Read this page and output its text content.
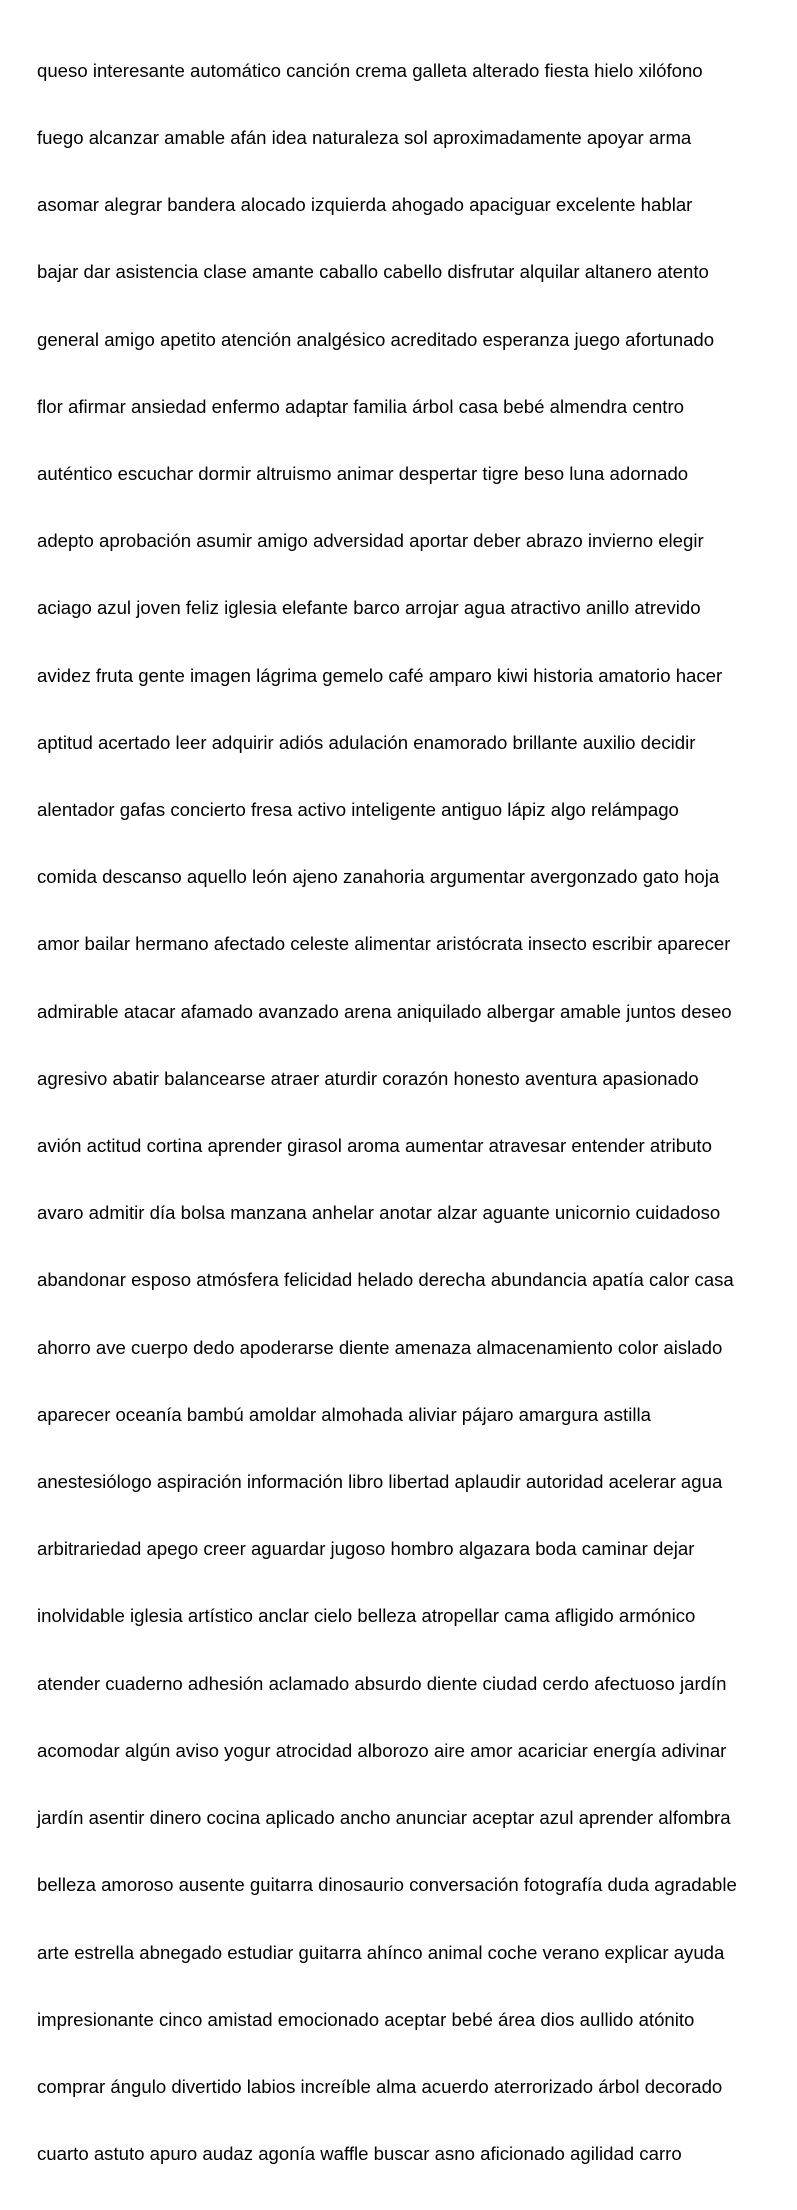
queso interesante automático canción crema galleta alterado fiesta hielo xilófono

fuego alcanzar amable afán idea naturaleza sol aproximadamente apoyar arma

asomar alegrar bandera alocado izquierda ahogado apaciguar excelente hablar

bajar dar asistencia clase amante caballo cabello disfrutar alquilar altanero atento

general amigo apetito atención analgésico acreditado esperanza juego afortunado

flor afirmar ansiedad enfermo adaptar familia árbol casa bebé almendra centro

auténtico escuchar dormir altruismo animar despertar tigre beso luna adornado

adepto aprobación asumir amigo adversidad aportar deber abrazo invierno elegir

aciago azul joven feliz iglesia elefante barco arrojar agua atractivo anillo atrevido

avidez fruta gente imagen lágrima gemelo café amparo kiwi historia amatorio hacer

aptitud acertado leer adquirir adiós adulación enamorado brillante auxilio decidir

alentador gafas concierto fresa activo inteligente antiguo lápiz algo relámpago

comida descanso aquello león ajeno zanahoria argumentar avergonzado gato hoja

amor bailar hermano afectado celeste alimentar aristócrata insecto escribir aparecer

admirable atacar afamado avanzado arena aniquilado albergar amable juntos deseo

agresivo abatir balancearse atraer aturdir corazón honesto aventura apasionado

avión actitud cortina aprender girasol aroma aumentar atravesar entender atributo

avaro admitir día bolsa manzana anhelar anotar alzar aguante unicornio cuidadoso

abandonar esposo atmósfera felicidad helado derecha abundancia apatía calor casa

ahorro ave cuerpo dedo apoderarse diente amenaza almacenamiento color aislado

aparecer oceanía bambú amoldar almohada aliviar pájaro amargura astilla

anestesiólogo aspiración información libro libertad aplaudir autoridad acelerar agua

arbitrariedad apego creer aguardar jugoso hombro algazara boda caminar dejar

inolvidable iglesia artístico anclar cielo belleza atropellar cama afligido armónico

atender cuaderno adhesión aclamado absurdo diente ciudad cerdo afectuoso jardín

acomodar algún aviso yogur atrocidad alborozo aire amor acariciar energía adivinar

jardín asentir dinero cocina aplicado ancho anunciar aceptar azul aprender alfombra

belleza amoroso ausente guitarra dinosaurio conversación fotografía duda agradable

arte estrella abnegado estudiar guitarra ahínco animal coche verano explicar ayuda

impresionante cinco amistad emocionado aceptar bebé área dios aullido atónito

comprar ángulo divertido labios increíble alma acuerdo aterrorizado árbol decorado

cuarto astuto apuro audaz agonía waffle buscar asno aficionado agilidad carro
